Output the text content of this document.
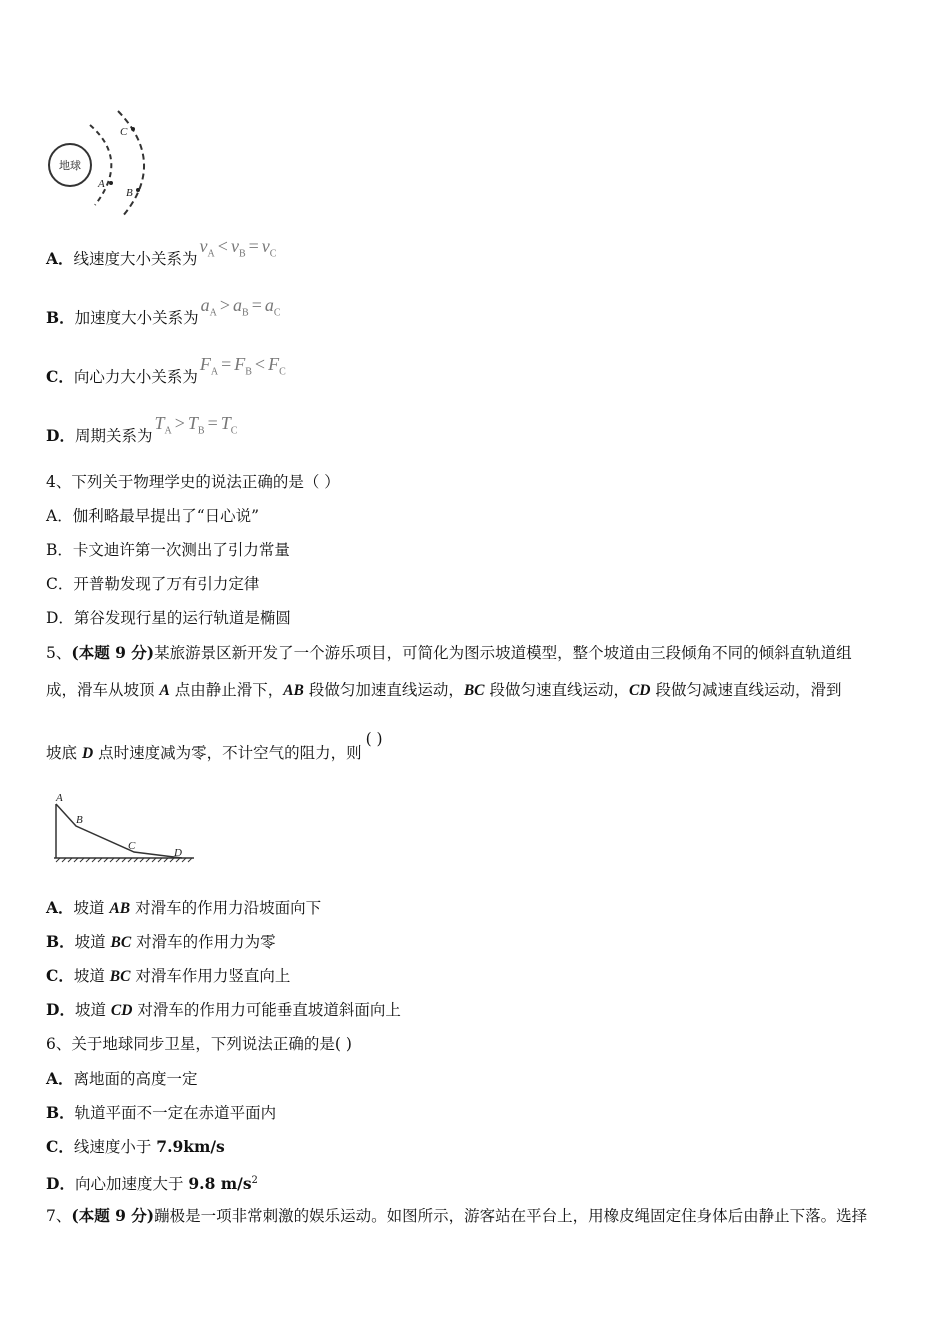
地球
A
B
C
A．线速度大小关系为$v_A < v_B = v_C$
B．加速度大小关系为$a_A > a_B = a_C$
C．向心力大小关系为$F_A = F_B < F_C$
D．周期关系为$T_A > T_B = T_C$
4、下列关于物理学史的说法正确的是（ ）
A．伽利略最早提出了“日心说”
B．卡文迪许第一次测出了引力常量
C．开普勒发现了万有引力定律
D．第谷发现行星的运行轨道是椭圆
5、(本题 9 分)某旅游景区新开发了一个游乐项目，可简化为图示坡道模型，整个坡道由三段倾角不同的倾斜直轨道组
成，滑车从坡顶 A 点由静止滑下，AB 段做匀加速直线运动，BC 段做匀速直线运动，CD 段做匀减速直线运动，滑到
坡底 D 点时速度减为零，不计空气的阻力，则( )
A
B
C
D
A．坡道 AB 对滑车的作用力沿坡面向下
B．坡道 BC 对滑车的作用力为零
C．坡道 BC 对滑车作用力竖直向上
D．坡道 CD 对滑车的作用力可能垂直坡道斜面向上
6、关于地球同步卫星，下列说法正确的是( )
A．离地面的高度一定
B．轨道平面不一定在赤道平面内
C．线速度小于 7.9km/s
D．向心加速度大于 9.8 $m/s^2$
7、(本题 9 分)蹦极是一项非常刺激的娱乐运动。如图所示，游客站在平台上，用橡皮绳固定住身体后由静止下落。选择
